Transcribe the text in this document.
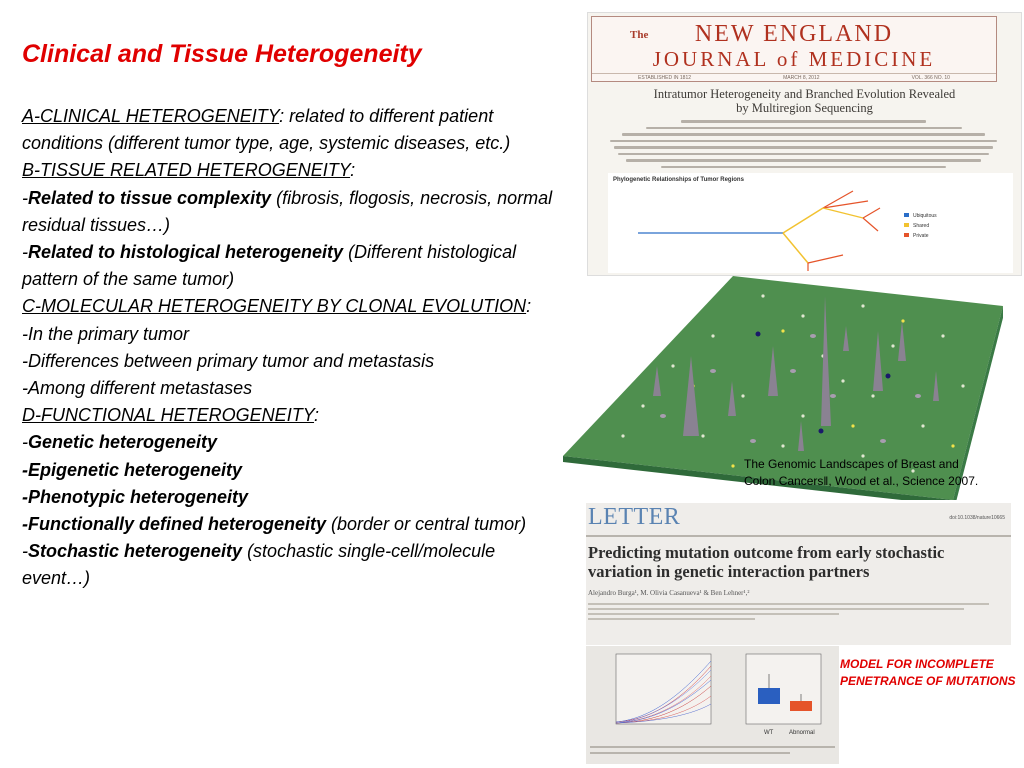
Clinical and Tissue Heterogeneity
A-CLINICAL HETEROGENEITY: related to different patient conditions (different tumor type, age, systemic diseases, etc.)
B-TISSUE RELATED HETEROGENEITY:
-Related to tissue complexity (fibrosis, flogosis, necrosis, normal residual tissues…)
-Related to histological heterogeneity (Different histological pattern of the same tumor)
C-MOLECULAR HETEROGENEITY BY CLONAL EVOLUTION:
-In the primary tumor
-Differences between primary tumor and metastasis
-Among different metastases
D-FUNCTIONAL HETEROGENEITY:
-Genetic heterogeneity
-Epigenetic heterogeneity
-Phenotypic heterogeneity
-Functionally defined heterogeneity (border or central tumor)
-Stochastic heterogeneity (stochastic single-cell/molecule event…)
The	NEW ENGLAND
JOURNAL of MEDICINE
ESTABLISHED IN 1812	MARCH 8, 2012	VOL. 366 NO. 10
Intratumor Heterogeneity and Branched Evolution Revealed
by Multiregion Sequencing
Phylogenetic Relationships of Tumor Regions
Ubiquitous
Shared
Private
The Genomic Landscapes of Breast and Colon Cancers‖, Wood et al., Science 2007.
LETTER	doi:10.1038/nature10665
Predicting mutation outcome from early stochastic variation in genetic interaction partners
Alejandro Burga¹, M. Olivia Casanueva¹ & Ben Lehner¹,²
WT	Abnormal
MODEL FOR INCOMPLETE PENETRANCE OF MUTATIONS
